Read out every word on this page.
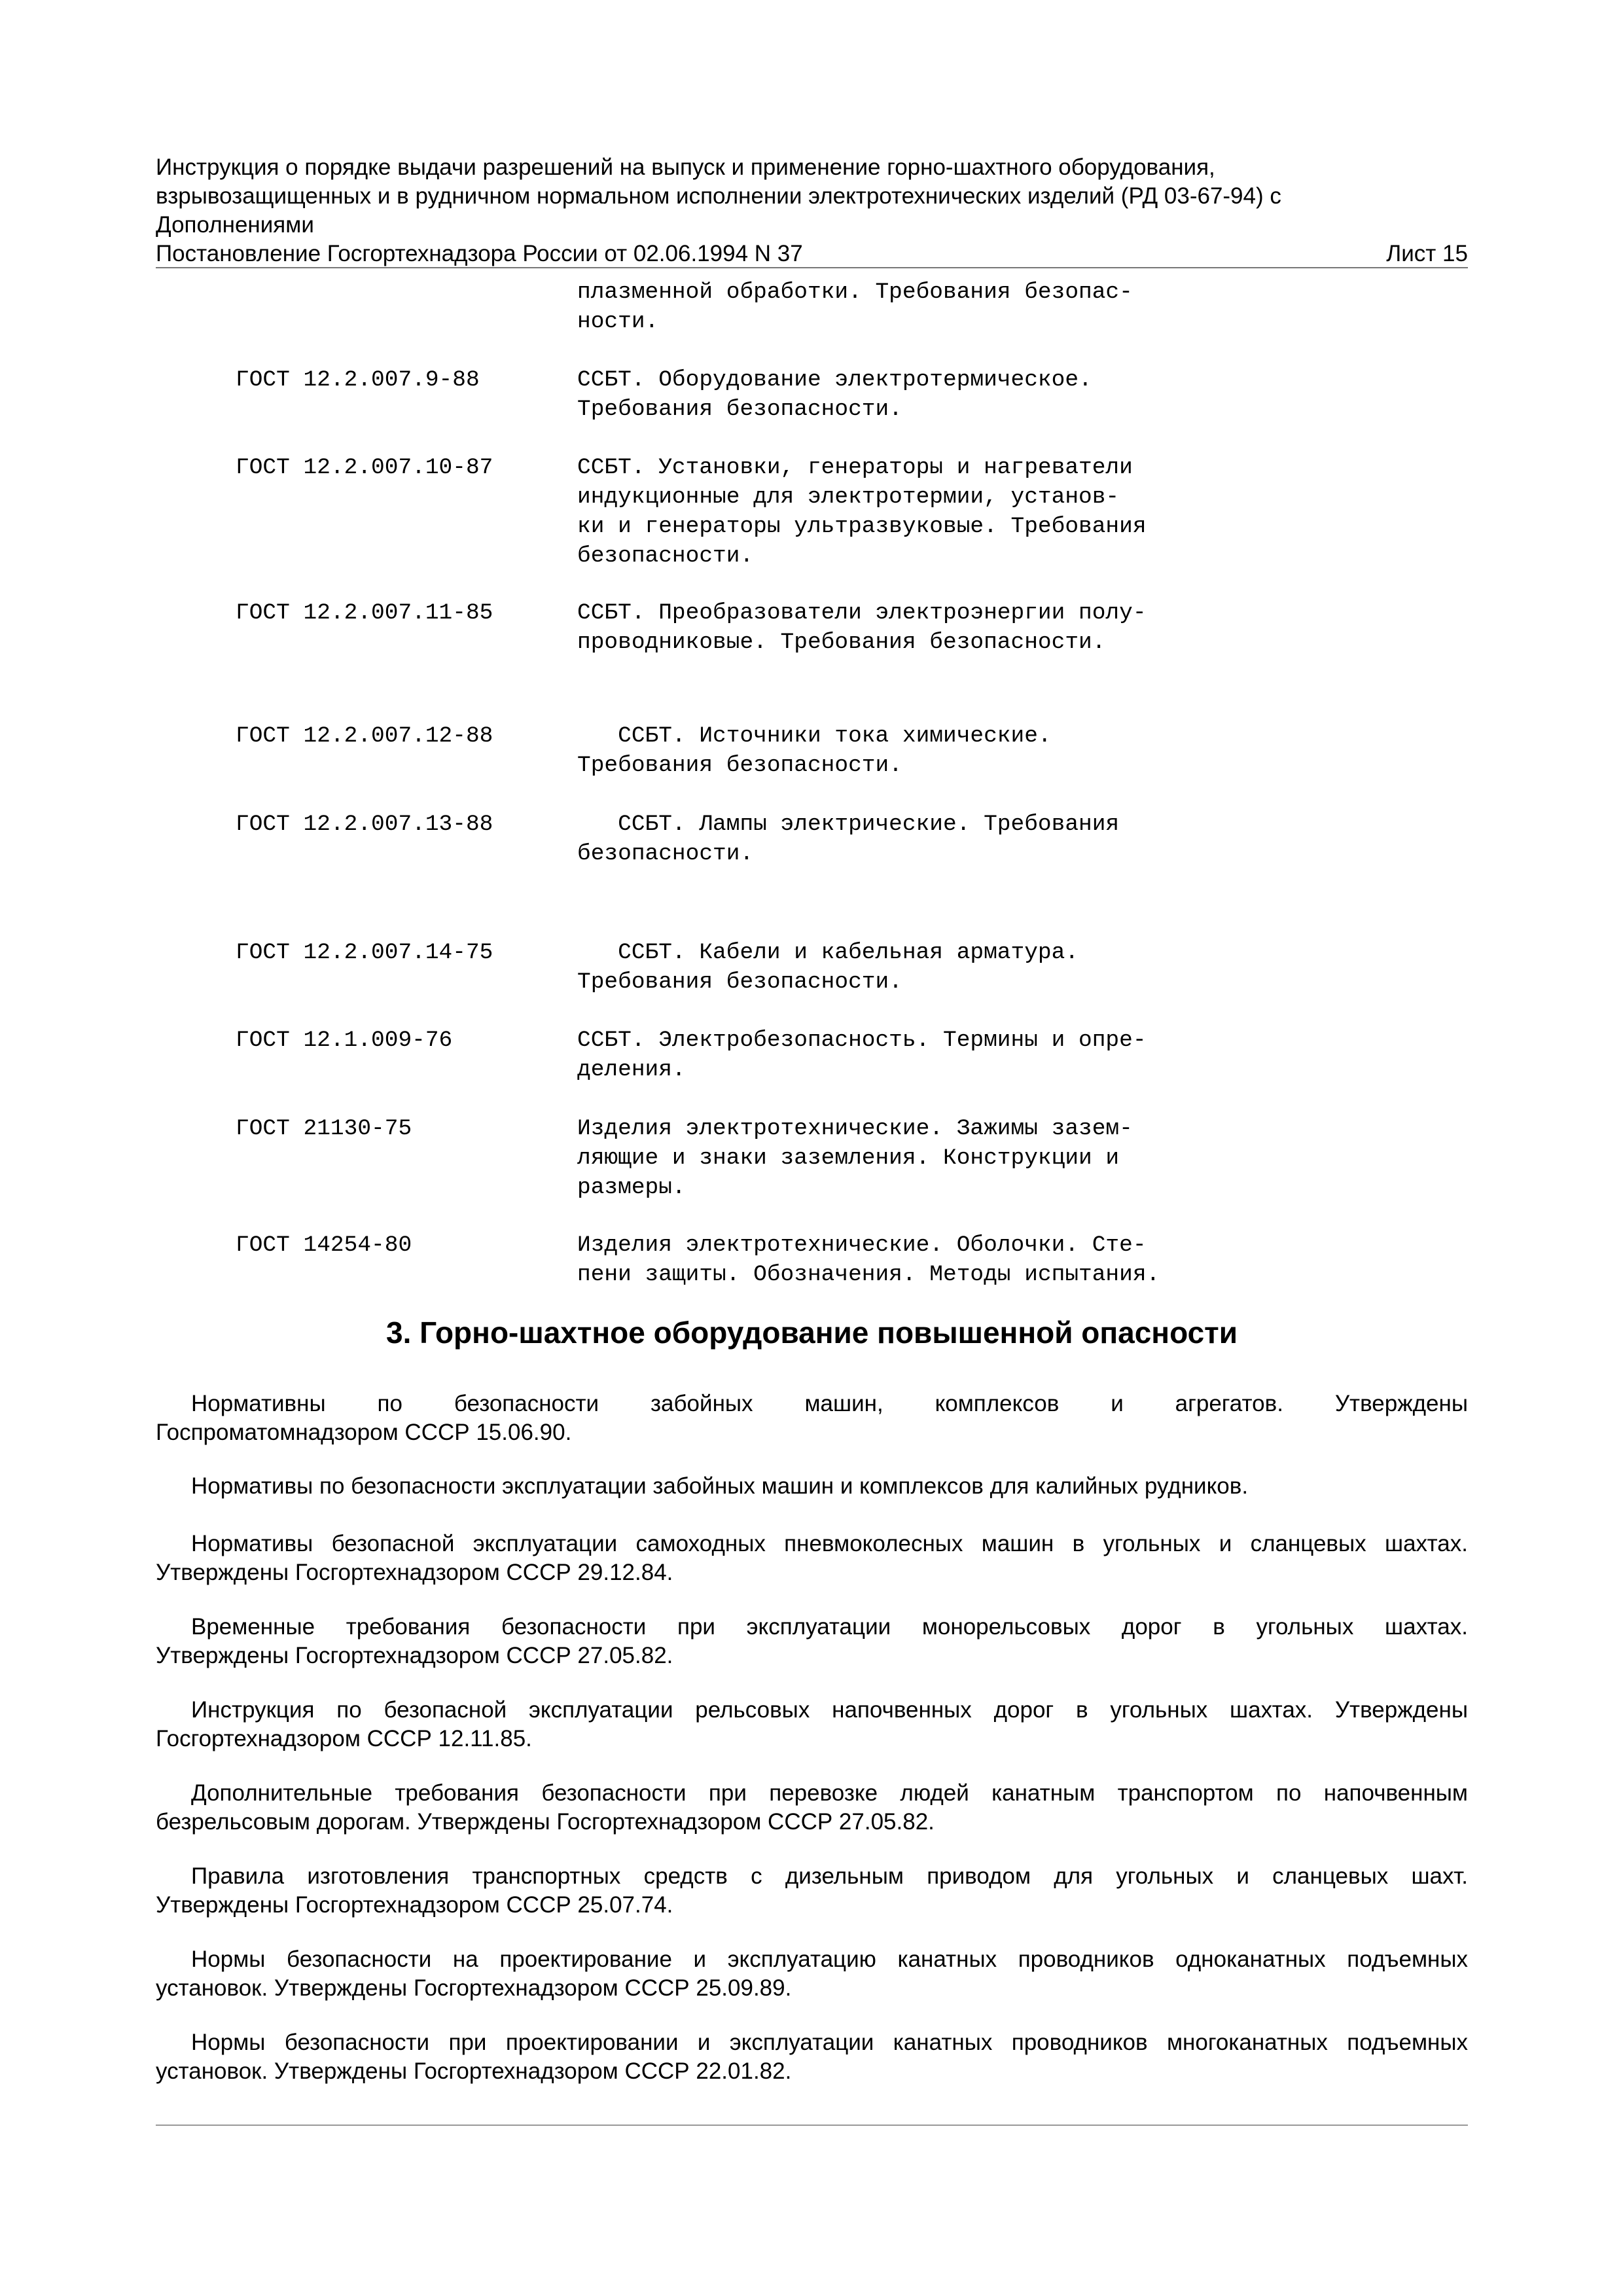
Инструкция о порядке выдачи разрешений на выпуск и применение горно-шахтного оборудования,
взрывозащищенных и в рудничном нормальном исполнении электротехнических изделий (РД 03-67-94) с
Дополнениями
Постановление Госгортехнадзора России от 02.06.1994 N 37	Лист 15
плазменной обработки. Требования безопас-
ности.
ГОСТ 12.2.007.9-88	ССБТ. Оборудование электротермическое.
Требования безопасности.
ГОСТ 12.2.007.10-87	ССБТ. Установки, генераторы и нагреватели
индукционные для электротермии, установ-
ки и генераторы ультразвуковые. Требования
безопасности.
ГОСТ 12.2.007.11-85	ССБТ. Преобразователи электроэнергии полу-
проводниковые. Требования безопасности.
ГОСТ 12.2.007.12-88	ССБТ. Источники тока химические.
Требования безопасности.
ГОСТ 12.2.007.13-88	ССБТ. Лампы электрические. Требования
безопасности.
ГОСТ 12.2.007.14-75	ССБТ. Кабели и кабельная арматура.
Требования безопасности.
ГОСТ 12.1.009-76	ССБТ. Электробезопасность. Термины и опре-
деления.
ГОСТ 21130-75	Изделия электротехнические. Зажимы зазем-
ляющие и знаки заземления. Конструкции и
размеры.
ГОСТ 14254-80	Изделия электротехнические. Оболочки. Сте-
пени защиты. Обозначения. Методы испытания.
3. Горно-шахтное оборудование повышенной опасности
Нормативны по безопасности забойных машин, комплексов и агрегатов. Утверждены
Госпроматомнадзором СССР 15.06.90.
Нормативы по безопасности эксплуатации забойных машин и комплексов для калийных рудников.
Нормативы безопасной эксплуатации самоходных пневмоколесных машин в угольных и сланцевых шахтах.
Утверждены Госгортехнадзором СССР 29.12.84.
Временные требования безопасности при эксплуатации монорельсовых дорог в угольных шахтах.
Утверждены Госгортехнадзором СССР 27.05.82.
Инструкция по безопасной эксплуатации рельсовых напочвенных дорог в угольных шахтах. Утверждены
Госгортехнадзором СССР 12.11.85.
Дополнительные требования безопасности при перевозке людей канатным транспортом по напочвенным
безрельсовым дорогам. Утверждены Госгортехнадзором СССР 27.05.82.
Правила изготовления транспортных средств с дизельным приводом для угольных и сланцевых шахт.
Утверждены Госгортехнадзором СССР 25.07.74.
Нормы безопасности на проектирование и эксплуатацию канатных проводников одноканатных подъемных
установок. Утверждены Госгортехнадзором СССР 25.09.89.
Нормы безопасности при проектировании и эксплуатации канатных проводников многоканатных подъемных
установок. Утверждены Госгортехнадзором СССР 22.01.82.
